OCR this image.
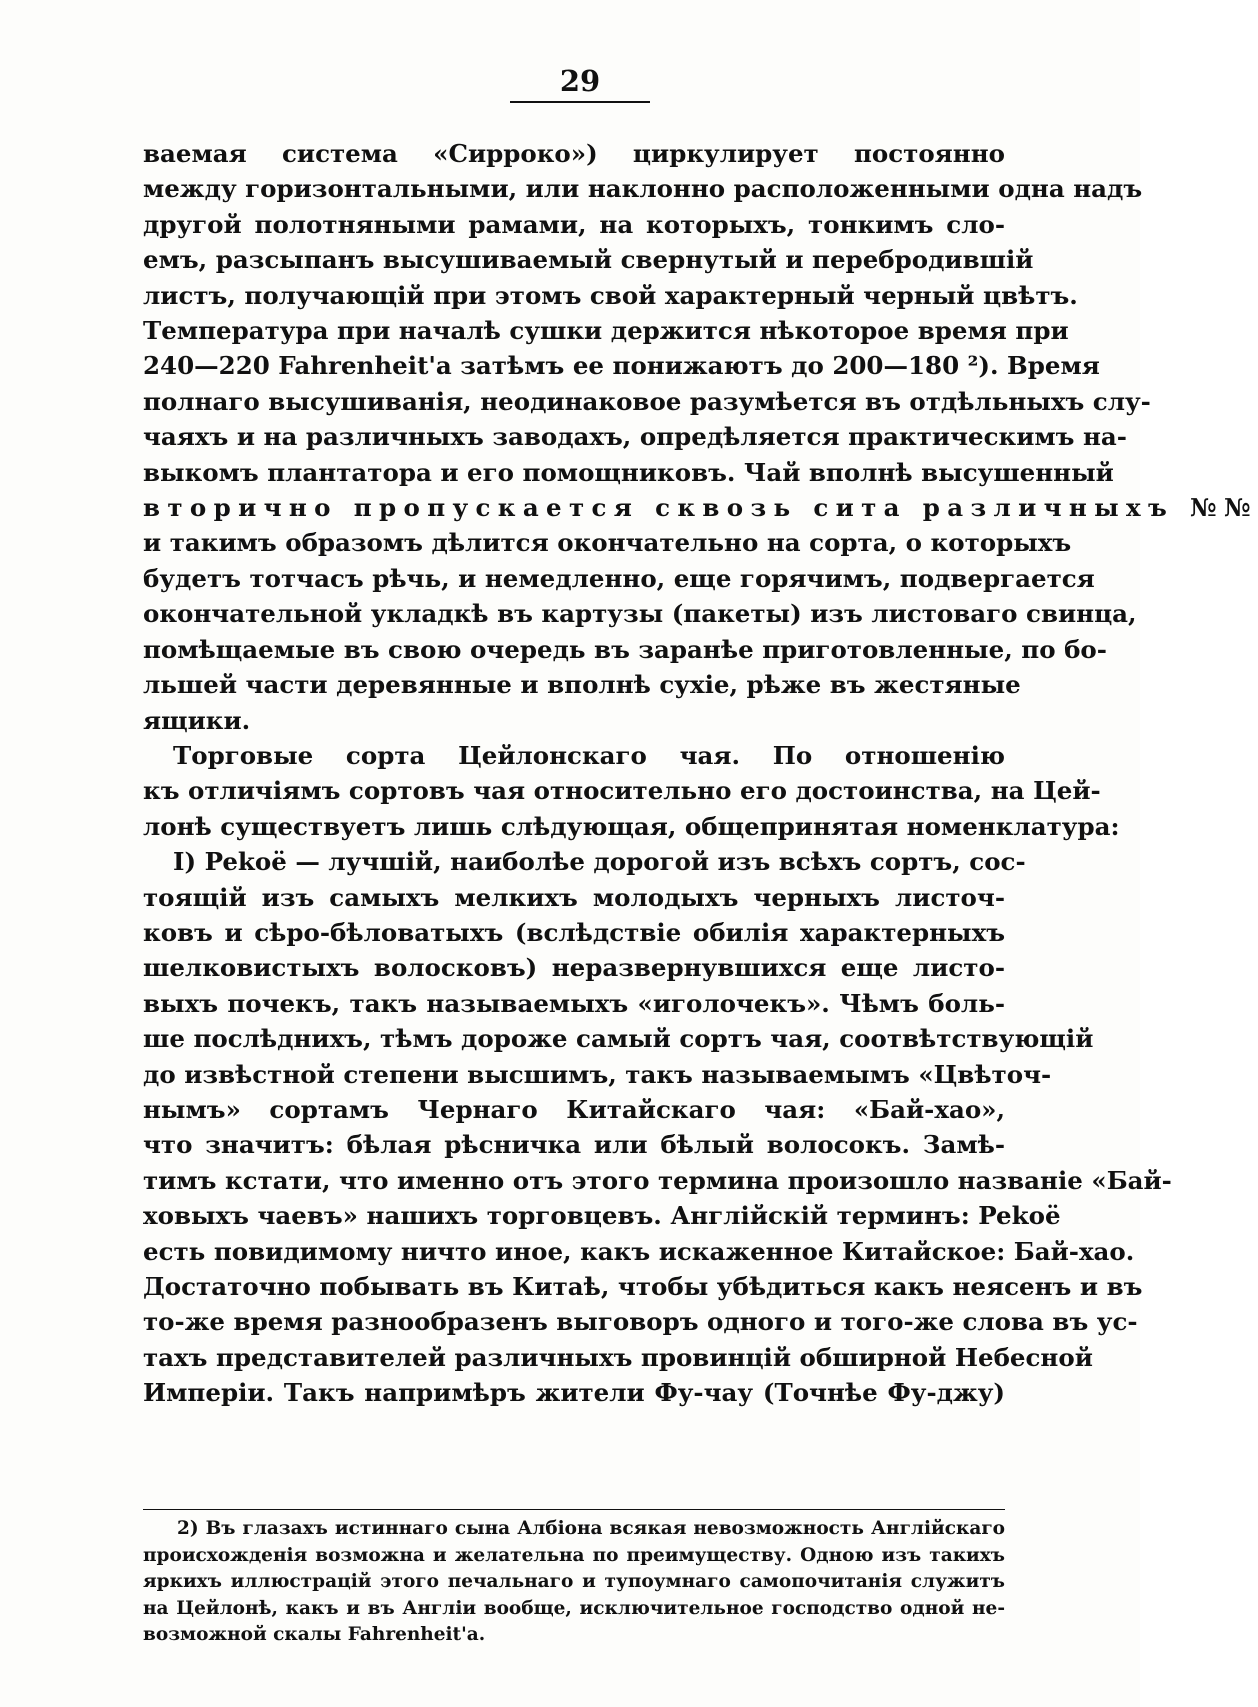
29
ваемая система «Сирроко») циркулирует постоянно
между горизонтальными, или наклонно расположенными одна надъ
другой полотняными рамами, на которыхъ, тонкимъ сло-
емъ, разсыпанъ высушиваемый свернутый и перебродившій
листъ, получающій при этомъ свой характерный черный цвѣтъ.
Температура при началѣ сушки держится нѣкоторое время при
240—220 Fahrenheit'а затѣмъ ее понижаютъ до 200—180 ²). Время
полнаго высушиванія, неодинаковое разумѣется въ отдѣльныхъ слу-
чаяхъ и на различныхъ заводахъ, опредѣляется практическимъ на-
выкомъ плантатора и его помощниковъ. Чай вполнѣ высушенный
вторично пропускается сквозь сита различныхъ №№
и такимъ образомъ дѣлится окончательно на сорта, о которыхъ
будетъ тотчасъ рѣчь, и немедленно, еще горячимъ, подвергается
окончательной укладкѣ въ картузы (пакеты) изъ листоваго свинца,
помѣщаемые въ свою очередь въ заранѣе приготовленные, по бо-
льшей части деревянные и вполнѣ сухіе, рѣже въ жестяные
ящики.
Торговые сорта Цейлонскаго чая. По отношенію
къ отличіямъ сортовъ чая относительно его достоинства, на Цей-
лонѣ существуетъ лишь слѣдующая, общепринятая номенклатура:
I) Pekoë — лучшій, наиболѣе дорогой изъ всѣхъ сортъ, сос-
тоящій изъ самыхъ мелкихъ молодыхъ черныхъ листоч-
ковъ и сѣро-бѣловатыхъ (вслѣдствіе обилія характерныхъ
шелковистыхъ волосковъ) неразвернувшихся еще листо-
выхъ почекъ, такъ называемыхъ «иголочекъ». Чѣмъ боль-
ше послѣднихъ, тѣмъ дороже самый сортъ чая, соотвѣтствующій
до извѣстной степени высшимъ, такъ называемымъ «Цвѣточ-
нымъ» сортамъ Чернаго Китайскаго чая: «Бай-хао»,
что значитъ: бѣлая рѣсничка или бѣлый волосокъ. Замѣ-
тимъ кстати, что именно отъ этого термина произошло названіе «Бай-
ховыхъ чаевъ» нашихъ торговцевъ. Англійскій терминъ: Pekoë
есть повидимому ничто иное, какъ искаженное Китайское: Бай-хао.
Достаточно побывать въ Китаѣ, чтобы убѣдиться какъ неясенъ и въ
то-же время разнообразенъ выговоръ одного и того-же слова въ ус-
тахъ представителей различныхъ провинцій обширной Небесной
Имперіи. Такъ напримѣръ жители Фу-чау (Точнѣе Фу-джу)
2) Въ глазахъ истиннаго сына Албіона всякая невозможность Англійскаго
происхожденія возможна и желательна по преимуществу. Одною изъ такихъ
яркихъ иллюстрацій этого печальнаго и тупоумнаго самопочитанія служитъ
на Цейлонѣ, какъ и въ Англіи вообще, исключительное господство одной не-
возможной скалы Fahrenheit'а.
